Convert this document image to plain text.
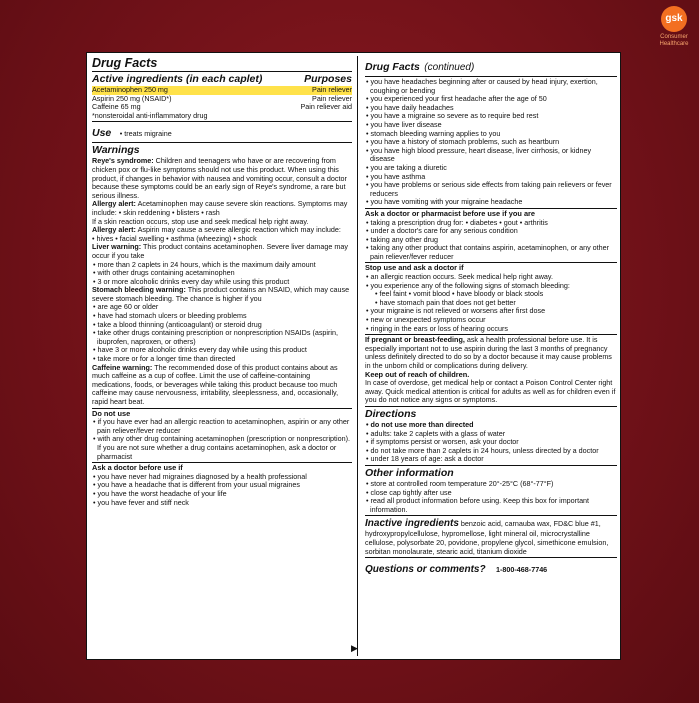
gsk
Consumer
Healthcare
▶
Drug Facts
Active ingredients (in each caplet)	Purposes
Acetaminophen 250 mg	Pain reliever
Aspirin 250 mg (NSAID*)	Pain reliever
Caffeine 65 mg	Pain reliever aid
*nonsteroidal anti-inflammatory drug
Use • treats migraine
Warnings
Reye's syndrome: Children and teenagers who have or are recovering from chicken pox or flu-like symptoms should not use this product. When using this product, if changes in behavior with nausea and vomiting occur, consult a doctor because these symptoms could be an early sign of Reye's syndrome, a rare but serious illness.
Allergy alert: Acetaminophen may cause severe skin reactions. Symptoms may include: • skin reddening • blisters • rash
If a skin reaction occurs, stop use and seek medical help right away.
Allergy alert: Aspirin may cause a severe allergic reaction which may include:
• hives • facial swelling • asthma (wheezing) • shock
Liver warning: This product contains acetaminophen. Severe liver damage may occur if you take
• more than 2 caplets in 24 hours, which is the maximum daily amount
• with other drugs containing acetaminophen
• 3 or more alcoholic drinks every day while using this product
Stomach bleeding warning: This product contains an NSAID, which may cause severe stomach bleeding. The chance is higher if you
• are age 60 or older
• have had stomach ulcers or bleeding problems
• take a blood thinning (anticoagulant) or steroid drug
• take other drugs containing prescription or nonprescription NSAIDs (aspirin, ibuprofen, naproxen, or others)
• have 3 or more alcoholic drinks every day while using this product
• take more or for a longer time than directed
Caffeine warning: The recommended dose of this product contains about as much caffeine as a cup of coffee. Limit the use of caffeine-containing medications, foods, or beverages while taking this product because too much caffeine may cause nervousness, irritability, sleeplessness, and, occasionally, rapid heart beat.
Do not use
• if you have ever had an allergic reaction to acetaminophen, aspirin or any other pain reliever/fever reducer
• with any other drug containing acetaminophen (prescription or nonprescription). If you are not sure whether a drug contains acetaminophen, ask a doctor or pharmacist
Ask a doctor before use if
• you have never had migraines diagnosed by a health professional
• you have a headache that is different from your usual migraines
• you have the worst headache of your life
• you have fever and stiff neck
Drug Facts (continued)
• you have headaches beginning after or caused by head injury, exertion, coughing or bending
• you experienced your first headache after the age of 50
• you have daily headaches
• you have a migraine so severe as to require bed rest
• you have liver disease
• stomach bleeding warning applies to you
• you have a history of stomach problems, such as heartburn
• you have high blood pressure, heart disease, liver cirrhosis, or kidney disease
• you are taking a diuretic
• you have asthma
• you have problems or serious side effects from taking pain relievers or fever reducers
• you have vomiting with your migraine headache
Ask a doctor or pharmacist before use if you are
• taking a prescription drug for: • diabetes • gout • arthritis
• under a doctor's care for any serious condition
• taking any other drug
• taking any other product that contains aspirin, acetaminophen, or any other pain reliever/fever reducer
Stop use and ask a doctor if
• an allergic reaction occurs. Seek medical help right away.
• you experience any of the following signs of stomach bleeding:
• feel faint • vomit blood • have bloody or black stools
• have stomach pain that does not get better
• your migraine is not relieved or worsens after first dose
• new or unexpected symptoms occur
• ringing in the ears or loss of hearing occurs
If pregnant or breast-feeding, ask a health professional before use. It is especially important not to use aspirin during the last 3 months of pregnancy unless definitely directed to do so by a doctor because it may cause problems in the unborn child or complications during delivery.
Keep out of reach of children.
In case of overdose, get medical help or contact a Poison Control Center right away. Quick medical attention is critical for adults as well as for children even if you do not notice any signs or symptoms.
Directions
• do not use more than directed
• adults: take 2 caplets with a glass of water
• if symptoms persist or worsen, ask your doctor
• do not take more than 2 caplets in 24 hours, unless directed by a doctor
• under 18 years of age: ask a doctor
Other information
• store at controlled room temperature 20°-25°C (68°-77°F)
• close cap tightly after use
• read all product information before using. Keep this box for important information.
Inactive ingredients benzoic acid, carnauba wax, FD&C blue #1, hydroxypropylcellulose, hypromellose, light mineral oil, microcrystalline cellulose, polysorbate 20, povidone, propylene glycol, simethicone emulsion, sorbitan monolaurate, stearic acid, titanium dioxide
Questions or comments? 1-800-468-7746
